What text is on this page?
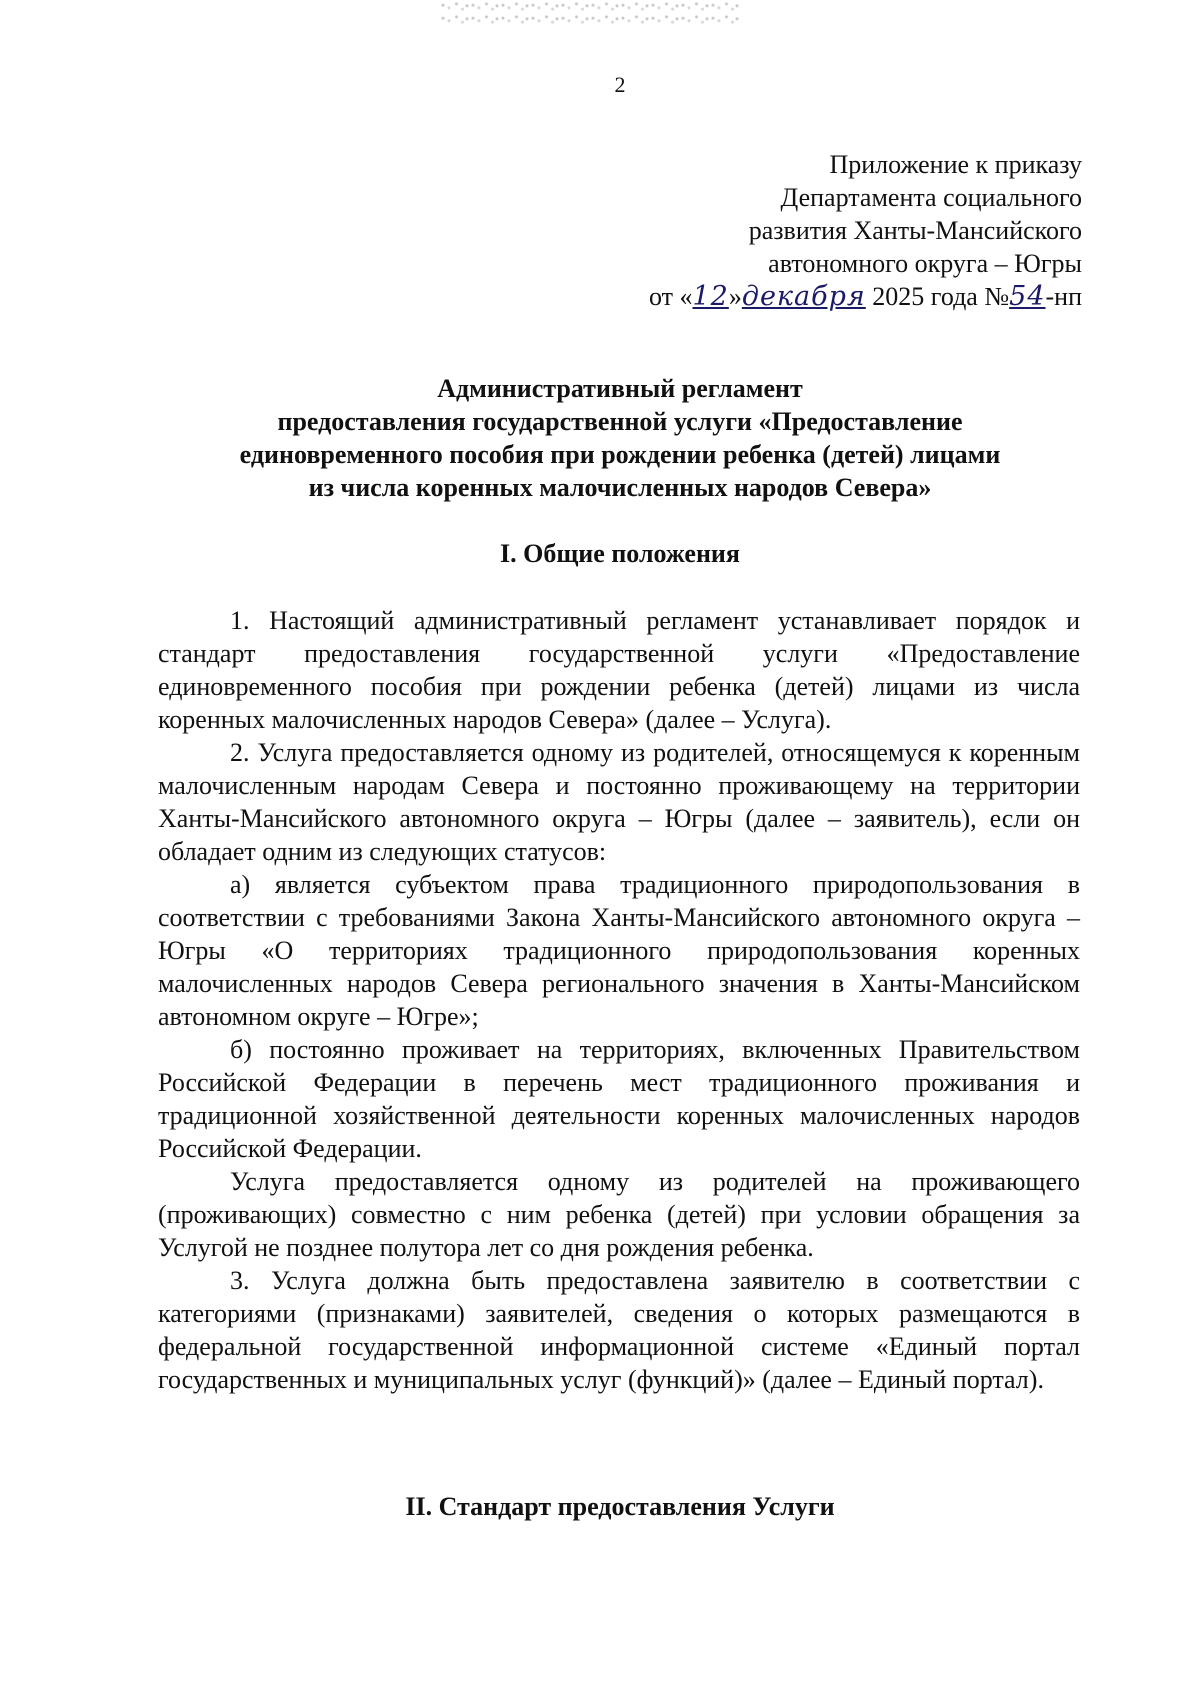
2
Приложение к приказу
Департамента социального
развития Ханты-Мансийского
автономного округа – Югры
от «12»декабря 2025 года №54-нп
Административный регламент
предоставления государственной услуги «Предоставление
единовременного пособия при рождении ребенка (детей) лицами
из числа коренных малочисленных народов Севера»
I. Общие положения

1. Настоящий административный регламент устанавливает порядок и стандарт предоставления государственной услуги «Предоставление единовременного пособия при рождении ребенка (детей) лицами из числа коренных малочисленных народов Севера» (далее – Услуга).

2. Услуга предоставляется одному из родителей, относящемуся к коренным малочисленным народам Севера и постоянно проживающему на территории Ханты-Мансийского автономного округа – Югры (далее – заявитель), если он обладает одним из следующих статусов:

а) является субъектом права традиционного природопользования в соответствии с требованиями Закона Ханты-Мансийского автономного округа – Югры «О территориях традиционного природопользования коренных малочисленных народов Севера регионального значения в Ханты-Мансийском автономном округе – Югре»;

б) постоянно проживает на территориях, включенных Правительством Российской Федерации в перечень мест традиционного проживания и традиционной хозяйственной деятельности коренных малочисленных народов Российской Федерации.

Услуга предоставляется одному из родителей на проживающего (проживающих) совместно с ним ребенка (детей) при условии обращения за Услугой не позднее полутора лет со дня рождения ребенка.

3. Услуга должна быть предоставлена заявителю в соответствии с категориями (признаками) заявителей, сведения о которых размещаются в федеральной государственной информационной системе «Единый портал государственных и муниципальных услуг (функций)» (далее – Единый портал).

II. Стандарт предоставления Услуги
